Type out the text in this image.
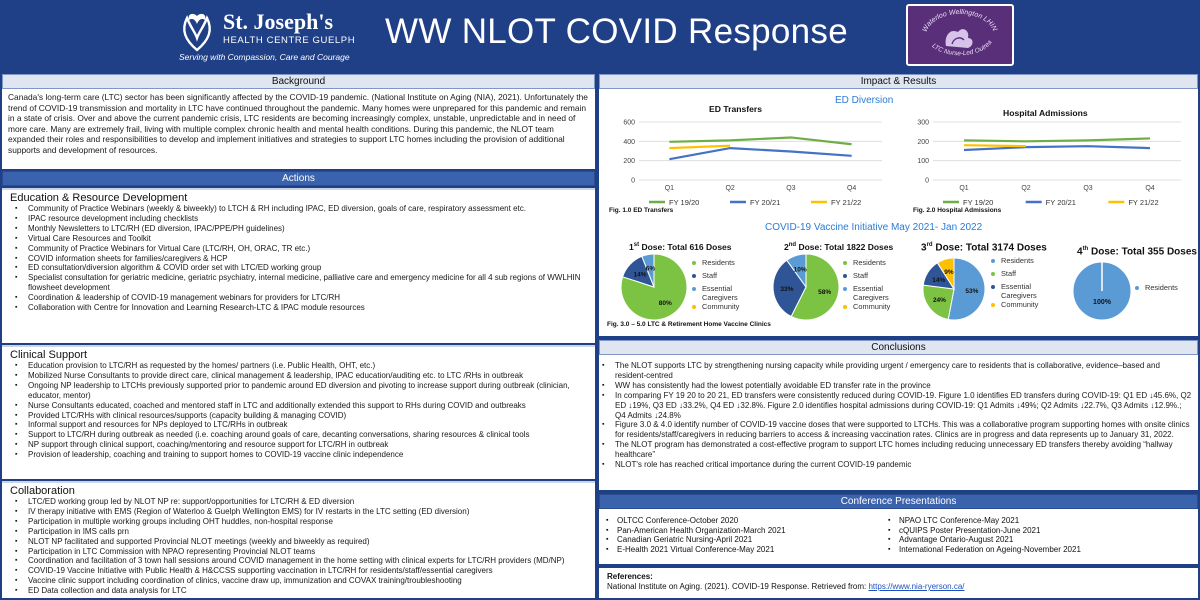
St. Joseph's
HEALTH CENTRE GUELPH
Serving with Compassion, Care and Courage
WW NLOT COVID Response	Waterloo Wellington LHIN
LTC Nurse-Led Outrea
Background
Canada's long-term care (LTC) sector has been significantly affected by the COVID-19 pandemic. (National Institute on Aging (NIA), 2021). Unfortunately the trend of COVID-19 transmission and mortality in LTC have continued throughout the pandemic. Many homes were unprepared for this pandemic and remain in a state of crisis. Over and above the current pandemic crisis, LTC residents are becoming increasingly complex, unstable, unpredictable and in need of more care. Many are extremely frail, living with multiple complex chronic health and mental health conditions. During this pandemic, the NLOT team expanded their roles and responsibilities to develop and implement initiatives and strategies to support LTC homes including the provision of additional supports and development of resources.
Actions
Education & Resource Development
▪ Community of Practice Webinars (weekly & biweekly) to LTCH & RH including IPAC, ED diversion, goals of care, respiratory assessment etc.
▪ IPAC resource development including checklists
▪ Monthly Newsletters to LTC/RH (ED diversion, IPAC/PPE/PH guidelines)
▪ Virtual Care Resources and Toolkit
▪ Community of Practice Webinars for Virtual Care (LTC/RH, OH, ORAC, TR etc.)
▪ COVID information sheets for families/caregivers & HCP
▪ ED consultation/diversion algorithm & COVID order set with LTC/ED working group
▪ Specialist consultation for geriatric medicine, geriatric psychiatry, internal medicine, palliative care and emergency medicine for all 4 sub regions of WWLHIN flowsheet development
▪ Coordination & leadership of COVID-19 management webinars for providers for LTC/RH
▪ Collaboration with Centre for Innovation and Learning Research-LTC & IPAC module resources
Clinical Support
▪ Education provision to LTC/RH as requested by the homes/ partners (i.e. Public Health, OHT, etc.)
▪ Mobilized Nurse Consultants to provide direct care, clinical management & leadership, IPAC education/auditing etc. to LTC /RHs in outbreak
▪ Ongoing NP leadership to LTCHs previously supported prior to pandemic around ED diversion and pivoting to increase support during outbreak (clinician, educator, mentor)
▪ Nurse Consultants educated, coached and mentored staff in LTC and additionally extended this support to RHs during COVID and outbreaks
▪ Provided LTC/RHs with clinical resources/supports (capacity building & managing COVID)
▪ Informal support and resources for NPs deployed to LTC/RHs in outbreak
▪ Support to LTC/RH during outbreak as needed (i.e. coaching around goals of care, decanting conversations, sharing resources & clinical tools
▪ NP support through clinical support, coaching/mentoring and resource support for LTC/RH in outbreak
▪ Provision of leadership, coaching and training to support homes to COVID-19 vaccine clinic independence
Collaboration
▪ LTC/ED working group led by NLOT NP re: support/opportunities for LTC/RH & ED diversion
▪ IV therapy initiative with EMS (Region of Waterloo & Guelph Wellington EMS) for IV restarts in the LTC setting (ED diversion)
▪ Participation in multiple working groups including OHT huddles, non-hospital response
▪ Participation in IMS calls prn
▪ NLOT NP facilitated and supported Provincial NLOT meetings (weekly and biweekly as required)
▪ Participation in LTC Commission with NPAO representing Provincial NLOT teams
▪ Coordination and facilitation of 3 town hall sessions around COVID management in the home setting with clinical experts for LTC/RH providers (MD/NP)
▪ COVID-19 Vaccine Initiative with Public Health & H&CCSS supporting vaccination in LTC/RH for residents/staff/essential caregivers
▪ Vaccine clinic support including coordination of clinics, vaccine draw up, immunization and COVAX training/troubleshooting
▪ ED Data collection and data analysis for LTC
Impact & Results
ED Diversion
ED Transfers
0
200
400
600
Q1	Q2	Q3	Q4
FY 19/20	FY 20/21	FY 21/22
Fig. 1.0 ED Transfers
Hospital Admissions
0
100
200
300
Q1	Q2	Q3	Q4
FY 19/20	FY 20/21	FY 21/22
Fig. 2.0 Hospital Admissions
COVID-19 Vaccine Initiative May 2021- Jan 2022
1st Dose: Total 616 Doses
80%
14%
6%
Residents
Staff
Essential Caregivers
Community
2nd Dose: Total 1822 Doses
58%
33%
10%
Residents
Staff
Essential Caregivers
Community
3rd Dose: Total 3174 Doses
53%
24%
14%
9%
Residents
Staff
Essential Caregivers
Community
4th Dose: Total 355 Doses
100%
Residents
Fig. 3.0 – 5.0 LTC & Retirement Home Vaccine Clinics
Conclusions
▪ The NLOT supports LTC by strengthening nursing capacity while providing urgent / emergency care to residents that is collaborative, evidence–based and resident-centred
▪ WW has consistently had the lowest potentially avoidable ED transfer rate in the province
▪ In comparing FY 19 20 to 20 21, ED transfers were consistently reduced during COVID-19. Figure 1.0 identifies ED transfers during COVID-19: Q1 ED ↓45.6%, Q2 ED ↓19%, Q3 ED ↓33.2%, Q4 ED ↓32.8%. Figure 2.0 identifies hospital admissions during COVID-19: Q1 Admits ↓49%; Q2 Admits ↓22.7%, Q3 Admits ↓12.9%.; Q4 Admits ↓24.8%
▪ Figure 3.0 & 4.0 identify number of COVID-19 vaccine doses that were supported to LTCHs. This was a collaborative program supporting homes with onsite clinics for residents/staff/caregivers in reducing barriers to access & increasing vaccination rates. Clinics are in progress and data represents up to January 31, 2022.
▪ The NLOT program has demonstrated a cost-effective program to support LTC homes including reducing unnecessary ED transfers thereby avoiding “hallway healthcare”
▪ NLOT's role has reached critical importance during the current COVID-19 pandemic
Conference Presentations
▪ OLTCC Conference-October 2020
▪ Pan-American Health Organization-March 2021
▪ Canadian Geriatric Nursing-April 2021
▪ E-Health 2021 Virtual Conference-May 2021
▪ NPAO LTC Conference-May 2021
▪ cQUIPS Poster Presentation-June 2021
▪ Advantage Ontario-August 2021
▪ International Federation on Ageing-November 2021
References:
National Institute on Aging. (2021). COVID-19 Response. Retrieved from: https://www.nia-ryerson.ca/
